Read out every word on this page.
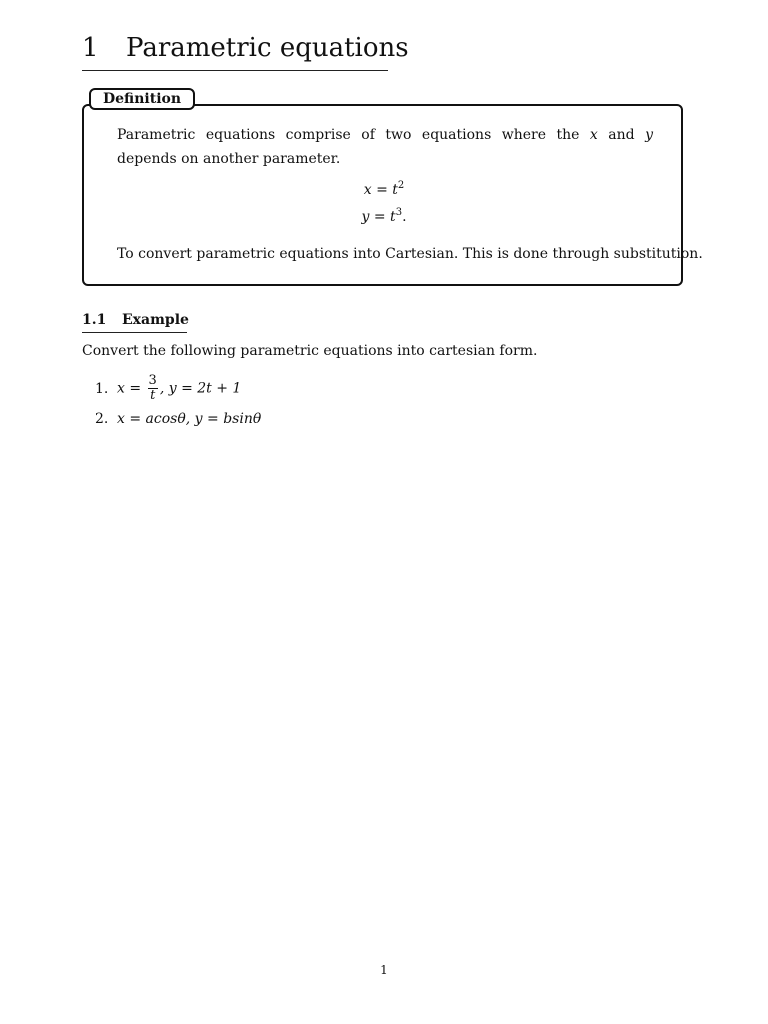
1 Parametric equations
Definition
Parametric equations comprise of two equations where the x and y depends on another parameter.
$x = t^2$
$y = t^3$.
To convert parametric equations into Cartesian. This is done through substitution.
1.1 Example
Convert the following parametric equations into cartesian form.
1. $x = \frac{3}{t}$ , y = 2t + 1
2. x = acosθ, y = bsinθ
1
